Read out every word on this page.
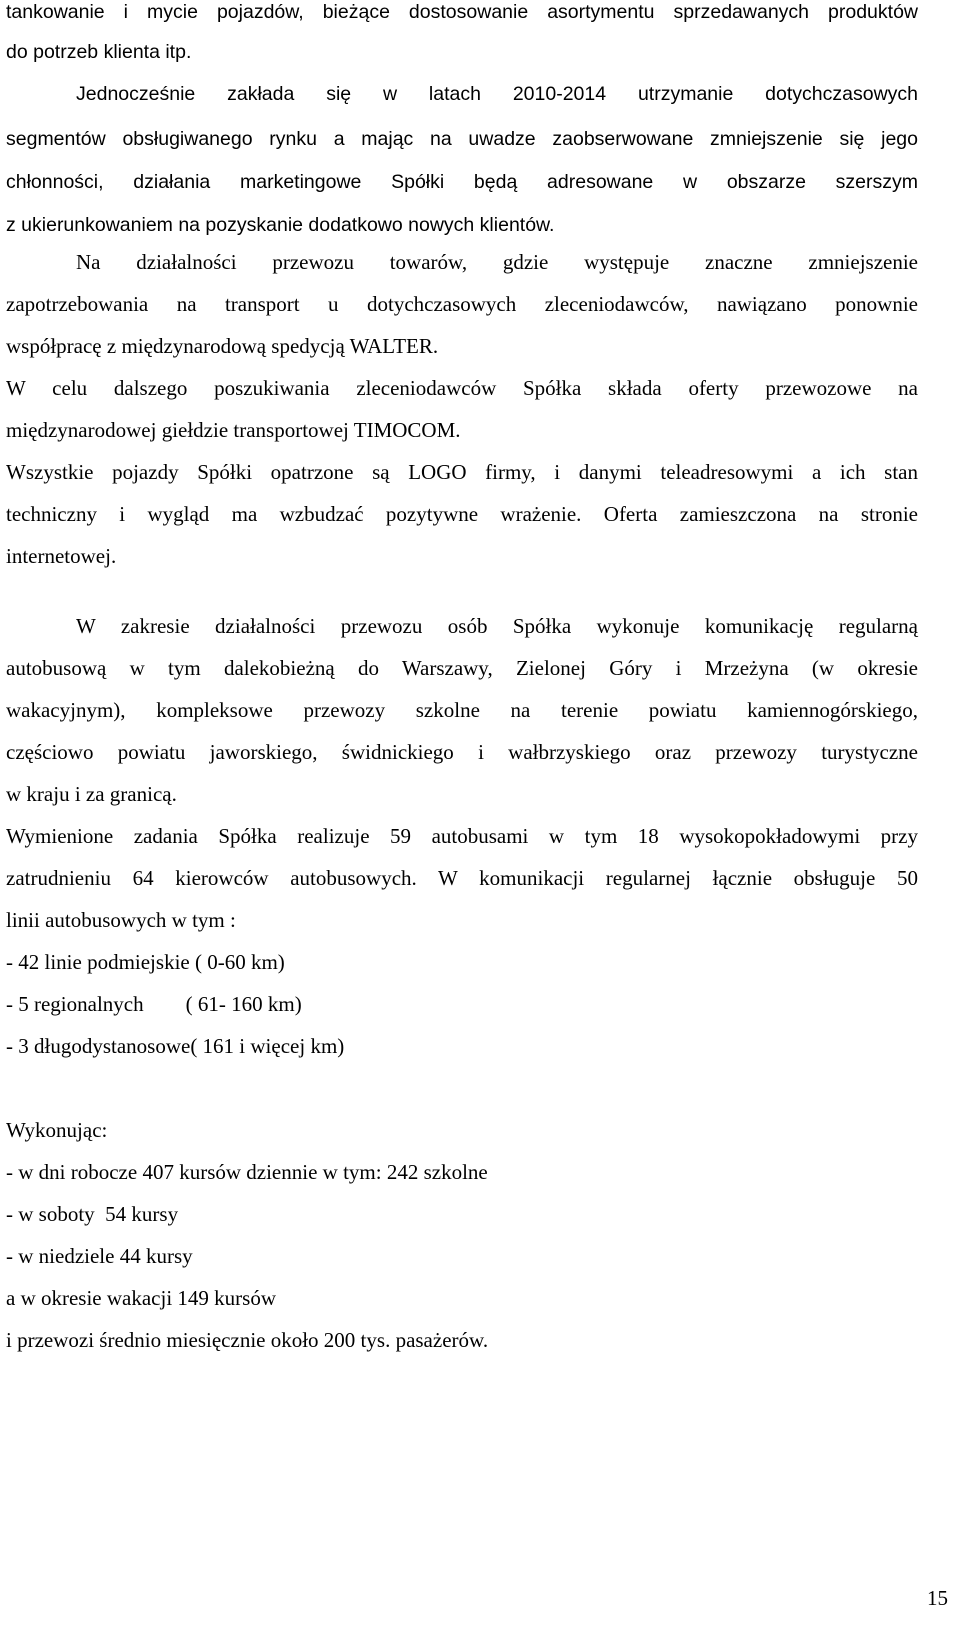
tankowanie i mycie pojazdów, bieżące dostosowanie asortymentu sprzedawanych produktów
do potrzeb klienta itp.
Jednocześnie zakłada się w latach 2010-2014 utrzymanie dotychczasowych
segmentów obsługiwanego rynku a mając na uwadze zaobserwowane zmniejszenie się jego
chłonności, działania marketingowe Spółki będą adresowane w obszarze szerszym
z ukierunkowaniem na pozyskanie dodatkowo nowych klientów.
Na działalności przewozu towarów, gdzie występuje znaczne zmniejszenie
zapotrzebowania na transport u dotychczasowych zleceniodawców, nawiązano ponownie
współpracę z międzynarodową spedycją WALTER.
W celu dalszego poszukiwania zleceniodawców Spółka składa oferty przewozowe na
międzynarodowej giełdzie transportowej TIMOCOM.
Wszystkie pojazdy Spółki opatrzone są LOGO firmy, i danymi teleadresowymi a ich stan
techniczny i wygląd ma wzbudzać pozytywne wrażenie. Oferta zamieszczona na stronie
internetowej.
W zakresie działalności przewozu osób Spółka wykonuje komunikację regularną
autobusową w tym dalekobieżną do Warszawy, Zielonej Góry i Mrzeżyna (w okresie
wakacyjnym), kompleksowe przewozy szkolne na terenie powiatu kamiennogórskiego,
częściowo powiatu jaworskiego, świdnickiego i wałbrzyskiego oraz przewozy turystyczne
w kraju i za granicą.
Wymienione zadania Spółka realizuje 59 autobusami w tym 18 wysokopokładowymi przy
zatrudnieniu 64 kierowców autobusowych. W komunikacji regularnej łącznie obsługuje 50
linii autobusowych w tym :
- 42 linie podmiejskie ( 0-60 km)
- 5 regionalnych        ( 61- 160 km)
- 3 długodystanosowe( 161 i więcej km)
Wykonując:
- w dni robocze 407 kursów dziennie w tym: 242 szkolne
- w soboty  54 kursy
- w niedziele 44 kursy
a w okresie wakacji 149 kursów
i przewozi średnio miesięcznie około 200 tys. pasażerów.
15
